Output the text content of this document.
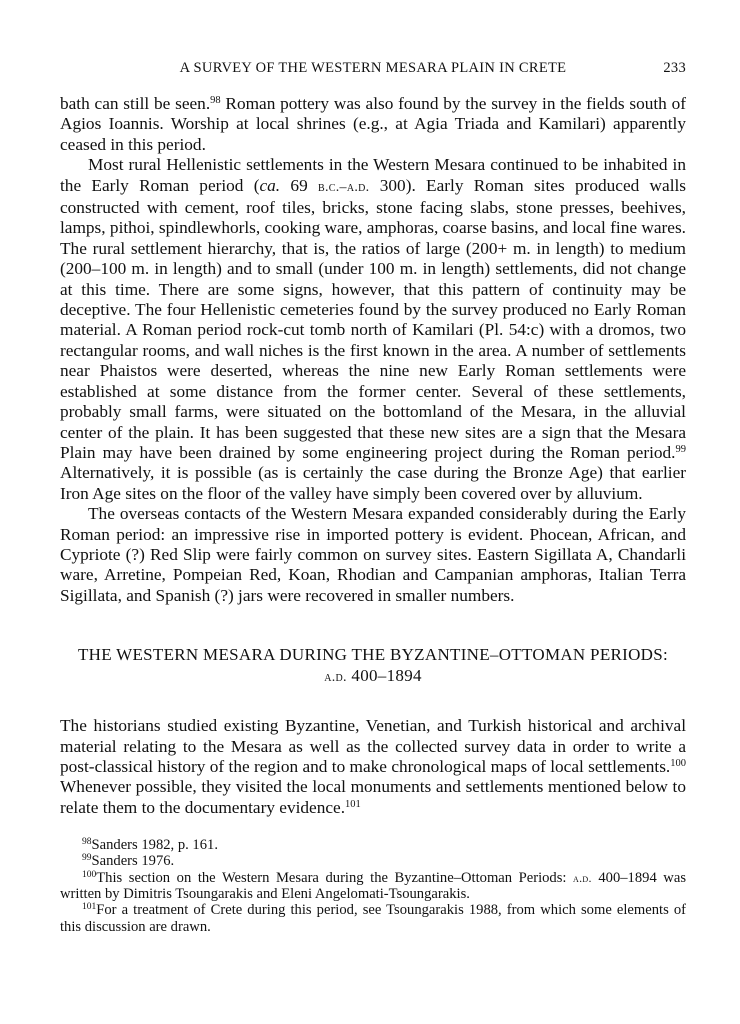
A SURVEY OF THE WESTERN MESARA PLAIN IN CRETE	233

bath can still be seen.$^{98}$ Roman pottery was also found by the survey in the fields south of Agios Ioannis. Worship at local shrines (e.g., at Agia Triada and Kamilari) apparently ceased in this period.

Most rural Hellenistic settlements in the Western Mesara continued to be inhabited in the Early Roman period (ca. 69 b.c.–a.d. 300). Early Roman sites produced walls constructed with cement, roof tiles, bricks, stone facing slabs, stone presses, beehives, lamps, pithoi, spindlewhorls, cooking ware, amphoras, coarse basins, and local fine wares. The rural settlement hierarchy, that is, the ratios of large (200+ m. in length) to medium (200–100 m. in length) and to small (under 100 m. in length) settlements, did not change at this time. There are some signs, however, that this pattern of continuity may be deceptive. The four Hellenistic cemeteries found by the survey produced no Early Roman material. A Roman period rock-cut tomb north of Kamilari (Pl. 54:c) with a dromos, two rectangular rooms, and wall niches is the first known in the area. A number of settlements near Phaistos were deserted, whereas the nine new Early Roman settlements were established at some distance from the former center. Several of these settlements, probably small farms, were situated on the bottomland of the Mesara, in the alluvial center of the plain. It has been suggested that these new sites are a sign that the Mesara Plain may have been drained by some engineering project during the Roman period.$^{99}$ Alternatively, it is possible (as is certainly the case during the Bronze Age) that earlier Iron Age sites on the floor of the valley have simply been covered over by alluvium.

The overseas contacts of the Western Mesara expanded considerably during the Early Roman period: an impressive rise in imported pottery is evident. Phocean, African, and Cypriote (?) Red Slip were fairly common on survey sites. Eastern Sigillata A, Chandarli ware, Arretine, Pompeian Red, Koan, Rhodian and Campanian amphoras, Italian Terra Sigillata, and Spanish (?) jars were recovered in smaller numbers.

THE WESTERN MESARA DURING THE BYZANTINE–OTTOMAN PERIODS:
a.d. 400–1894

The historians studied existing Byzantine, Venetian, and Turkish historical and archival material relating to the Mesara as well as the collected survey data in order to write a post-classical history of the region and to make chronological maps of local settlements.$^{100}$ Whenever possible, they visited the local monuments and settlements mentioned below to relate them to the documentary evidence.$^{101}$

$^{98}$Sanders 1982, p. 161.

$^{99}$Sanders 1976.

$^{100}$This section on the Western Mesara during the Byzantine–Ottoman Periods: a.d. 400–1894 was written by Dimitris Tsoungarakis and Eleni Angelomati-Tsoungarakis.

$^{101}$For a treatment of Crete during this period, see Tsoungarakis 1988, from which some elements of this discussion are drawn.
